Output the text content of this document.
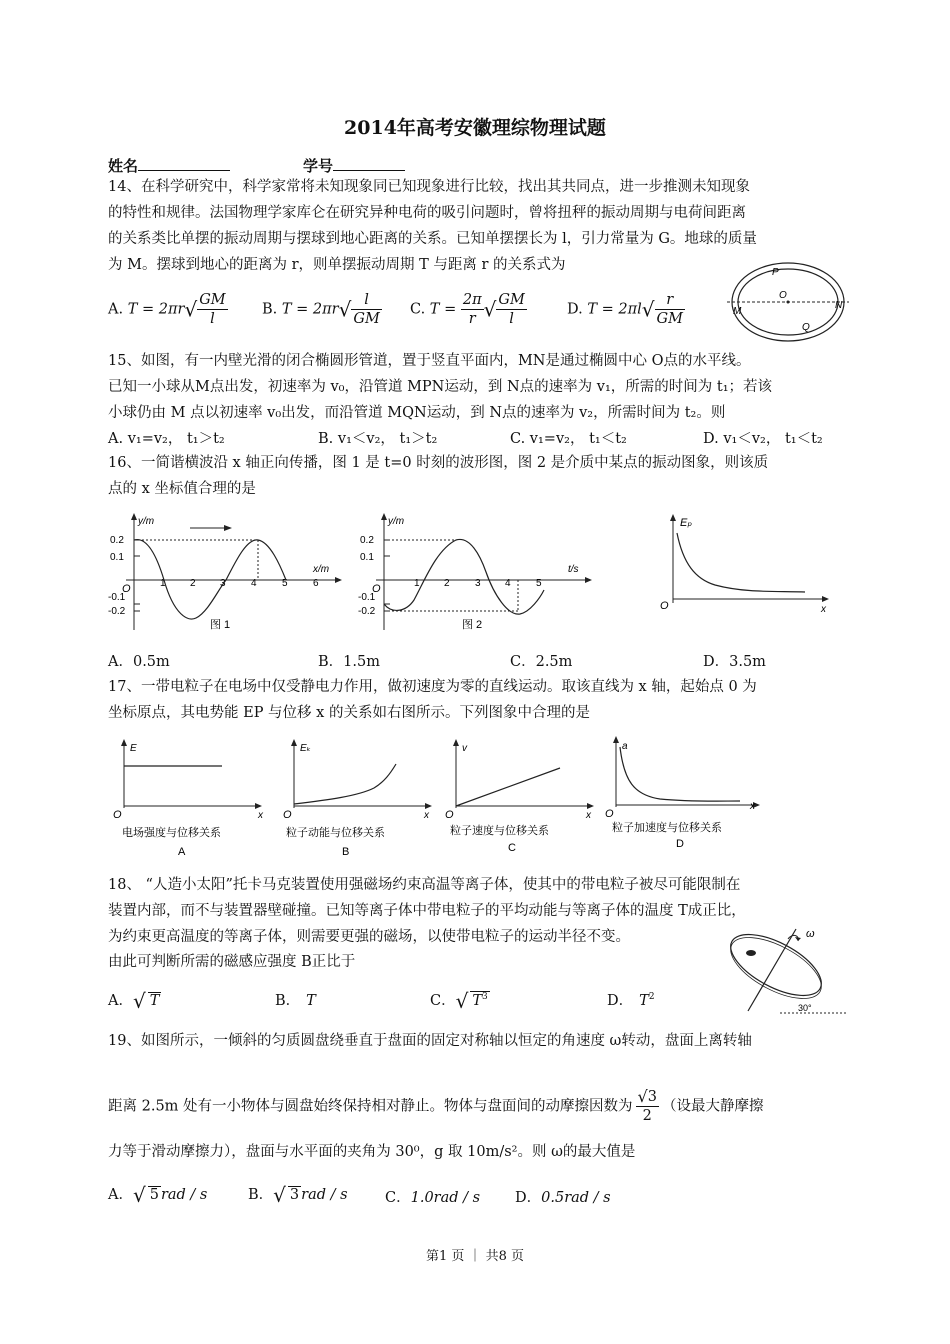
2014年高考安徽理综物理试题
姓名	学号
14、在科学研究中，科学家常将未知现象同已知现象进行比较，找出其共同点，进一步推测未知现象
的特性和规律。法国物理学家库仑在研究异种电荷的吸引问题时，曾将扭秤的振动周期与电荷间距离
的关系类比单摆的振动周期与摆球到地心距离的关系。已知单摆摆长为 l，引力常量为 G。地球的质量
为 M。摆球到地心的距离为 r，则单摆振动周期 T 与距离 r 的关系式为
A. $T = 2\pi r√ \frac{GM}{l} B$. $T = 2\pi r√ \frac{l}{GM} C$. $T = \frac{2\pi}{r}$ √ $\frac{GM}{l}$	D. $T = 2\pi l√ \frac{r}{GM}$
P
O
Q
M
N
15、如图，有一内壁光滑的闭合椭圆形管道，置于竖直平面内，MN是通过椭圆中心 O点的水平线。
已知一小球从M点出发，初速率为 v₀，沿管道 MPN运动，到 N点的速率为 v₁，所需的时间为 t₁；若该
小球仍由 M 点以初速率 v₀出发，而沿管道 MQN运动，到 N点的速率为 v₂，所需时间为 t₂。则
A. v₁=v₂， t₁＞t₂	B. v₁＜v₂， t₁＞t₂	C. v₁=v₂， t₁＜t₂	D. v₁＜v₂， t₁＜t₂
16、一简谐横波沿 x 轴正向传播，图 1 是 t=0 时刻的波形图，图 2 是介质中某点的振动图象，则该质
点的 x 坐标值合理的是
y/m
x/m
O
0.2
0.1
-0.1
-0.2
1 2 3	4	5	6
图 1
y/m
t/s
O
0.2
0.1
-0.1
-0.2
1 2	3 4	5
图 2
Eₚ
x
O
A．0.5m	B．1.5m	C．2.5m	D．3.5m
17、一带电粒子在电场中仅受静电力作用，做初速度为零的直线运动。取该直线为 x 轴，起始点 0 为
坐标原点，其电势能 EP 与位移 x 的关系如右图所示。下列图象中合理的是
E
x
O
电场强度与位移关系
A
Eₖ
x
O
粒子动能与位移关系
B
v
x
O
粒子速度与位移关系
C
a
x
O
粒子加速度与位移关系
D
18、 “人造小太阳”托卡马克装置使用强磁场约束高温等离子体，使其中的带电粒子被尽可能限制在
装置内部，而不与装置器壁碰撞。已知等离子体中带电粒子的平均动能与等离子体的温度 T成正比，
为约束更高温度的等离子体，则需要更强的磁场，以使带电粒子的运动半径不变。
由此可判断所需的磁感应强度 B正比于
A．√ T	B． T	C．√ $T^3$	D． $T^2$
ω
30°
19、如图所示，一倾斜的匀质圆盘绕垂直于盘面的固定对称轴以恒定的角速度 ω转动，盘面上离转轴
距离 2.5m 处有一小物体与圆盘始终保持相对静止。物体与盘面间的动摩擦因数为 $\frac{√3}{2}$ （设最大静摩擦
力等于滑动摩擦力），盘面与水平面的夹角为 30⁰，g 取 10m/s²。则 ω的最大值是
A．√ 5 rad / s	B．√ 3 rad / s	C．1.0rad / s D．0.5rad / s
第1 页 ｜ 共8 页
